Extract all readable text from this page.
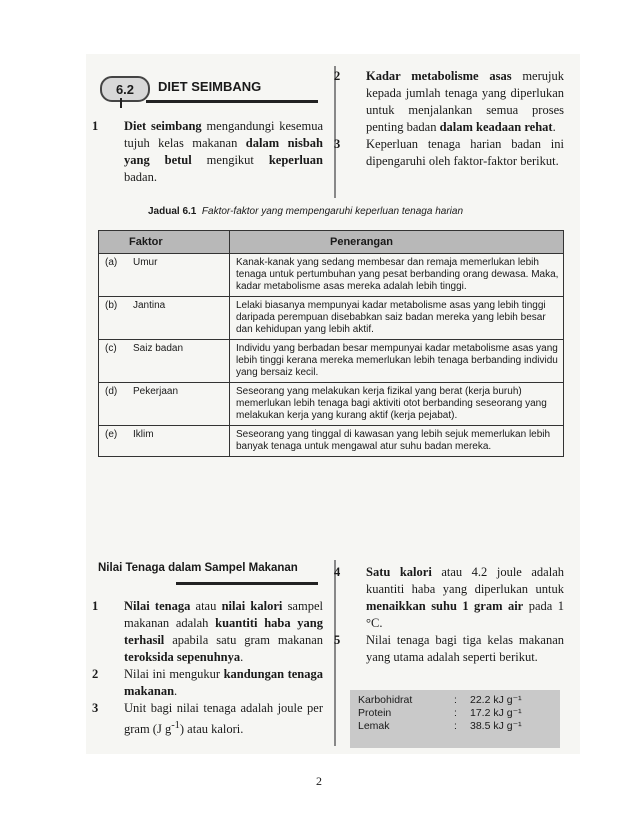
6.2	DIET SEIMBANG

1 Diet seimbang mengandungi kesemua tujuh kelas makanan dalam nisbah yang betul mengikut keperluan badan.

2 Kadar metabolisme asas merujuk kepada jumlah tenaga yang diperlukan untuk menjalankan semua proses penting badan dalam keadaan rehat.

3 Keperluan tenaga harian badan ini dipengaruhi oleh faktor-faktor berikut.

Jadual 6.1 Faktor-faktor yang mempengaruhi keperluan tenaga harian
Faktor	Penerangan
(a) Umur	Kanak-kanak yang sedang membesar dan remaja memerlukan lebih tenaga untuk pertumbuhan yang pesat berbanding orang dewasa. Maka, kadar metabolisme asas mereka adalah lebih tinggi.
(b) Jantina	Lelaki biasanya mempunyai kadar metabolisme asas yang lebih tinggi daripada perempuan disebabkan saiz badan mereka yang lebih besar dan kehidupan yang lebih aktif.
(c) Saiz badan	Individu yang berbadan besar mempunyai kadar metabolisme asas yang lebih tinggi kerana mereka memerlukan lebih tenaga berbanding individu yang bersaiz kecil.
(d) Pekerjaan	Seseorang yang melakukan kerja fizikal yang berat (kerja buruh) memerlukan lebih tenaga bagi aktiviti otot berbanding seseorang yang melakukan kerja yang kurang aktif (kerja pejabat).
(e) Iklim	Seseorang yang tinggal di kawasan yang lebih sejuk memerlukan lebih banyak tenaga untuk mengawal atur suhu badan mereka.
Nilai Tenaga dalam Sampel Makanan

1 Nilai tenaga atau nilai kalori sampel makanan adalah kuantiti haba yang terhasil apabila satu gram makanan teroksida sepenuhnya.

2 Nilai ini mengukur kandungan tenaga makanan.

3 Unit bagi nilai tenaga adalah joule per gram (J $g^{-1}$) atau kalori.

4 Satu kalori atau 4.2 joule adalah kuantiti haba yang diperlukan untuk menaikkan suhu 1 gram air pada 1 °C.

5 Nilai tenaga bagi tiga kelas makanan yang utama adalah seperti berikut.

Karbohidrat	:	22.2 kJ g⁻¹
Protein	:	17.2 kJ g⁻¹
Lemak	:	38.5 kJ g⁻¹
2
